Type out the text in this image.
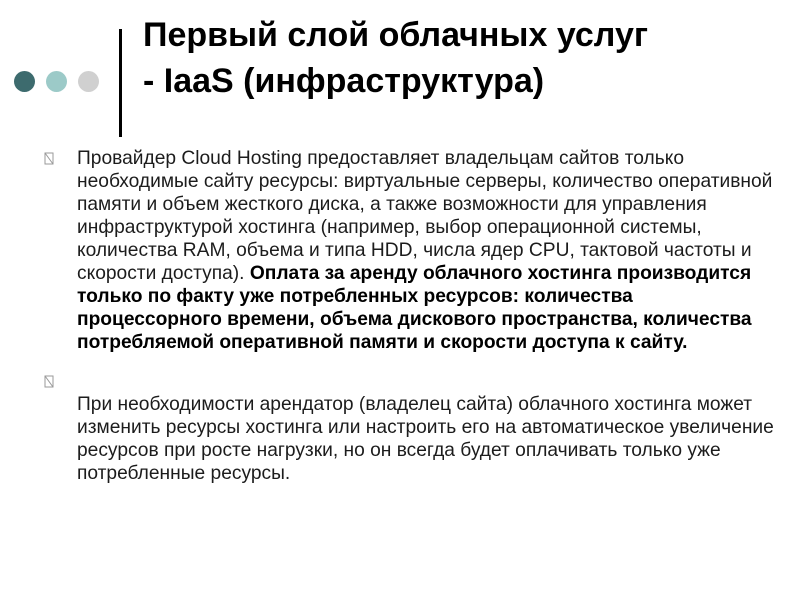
Первый слой облачных услуг
- IaaS (инфраструктура)

Провайдер Cloud Hosting предоставляет владельцам сайтов только необходимые сайту ресурсы: виртуальные серверы, количество оперативной памяти и объем жесткого диска, а также возможности для управления инфраструктурой хостинга (например, выбор операционной системы, количества RAM, объема и типа HDD, числа ядер CPU, тактовой частоты и скорости доступа). Оплата за аренду облачного хостинга производится только по факту уже потребленных ресурсов: количества процессорного времени, объема дискового пространства, количества потребляемой оперативной памяти и скорости доступа к сайту.

При необходимости арендатор (владелец сайта) облачного хостинга может изменить ресурсы хостинга или настроить его на автоматическое увеличение ресурсов при росте нагрузки, но он всегда будет оплачивать только уже потребленные ресурсы.
